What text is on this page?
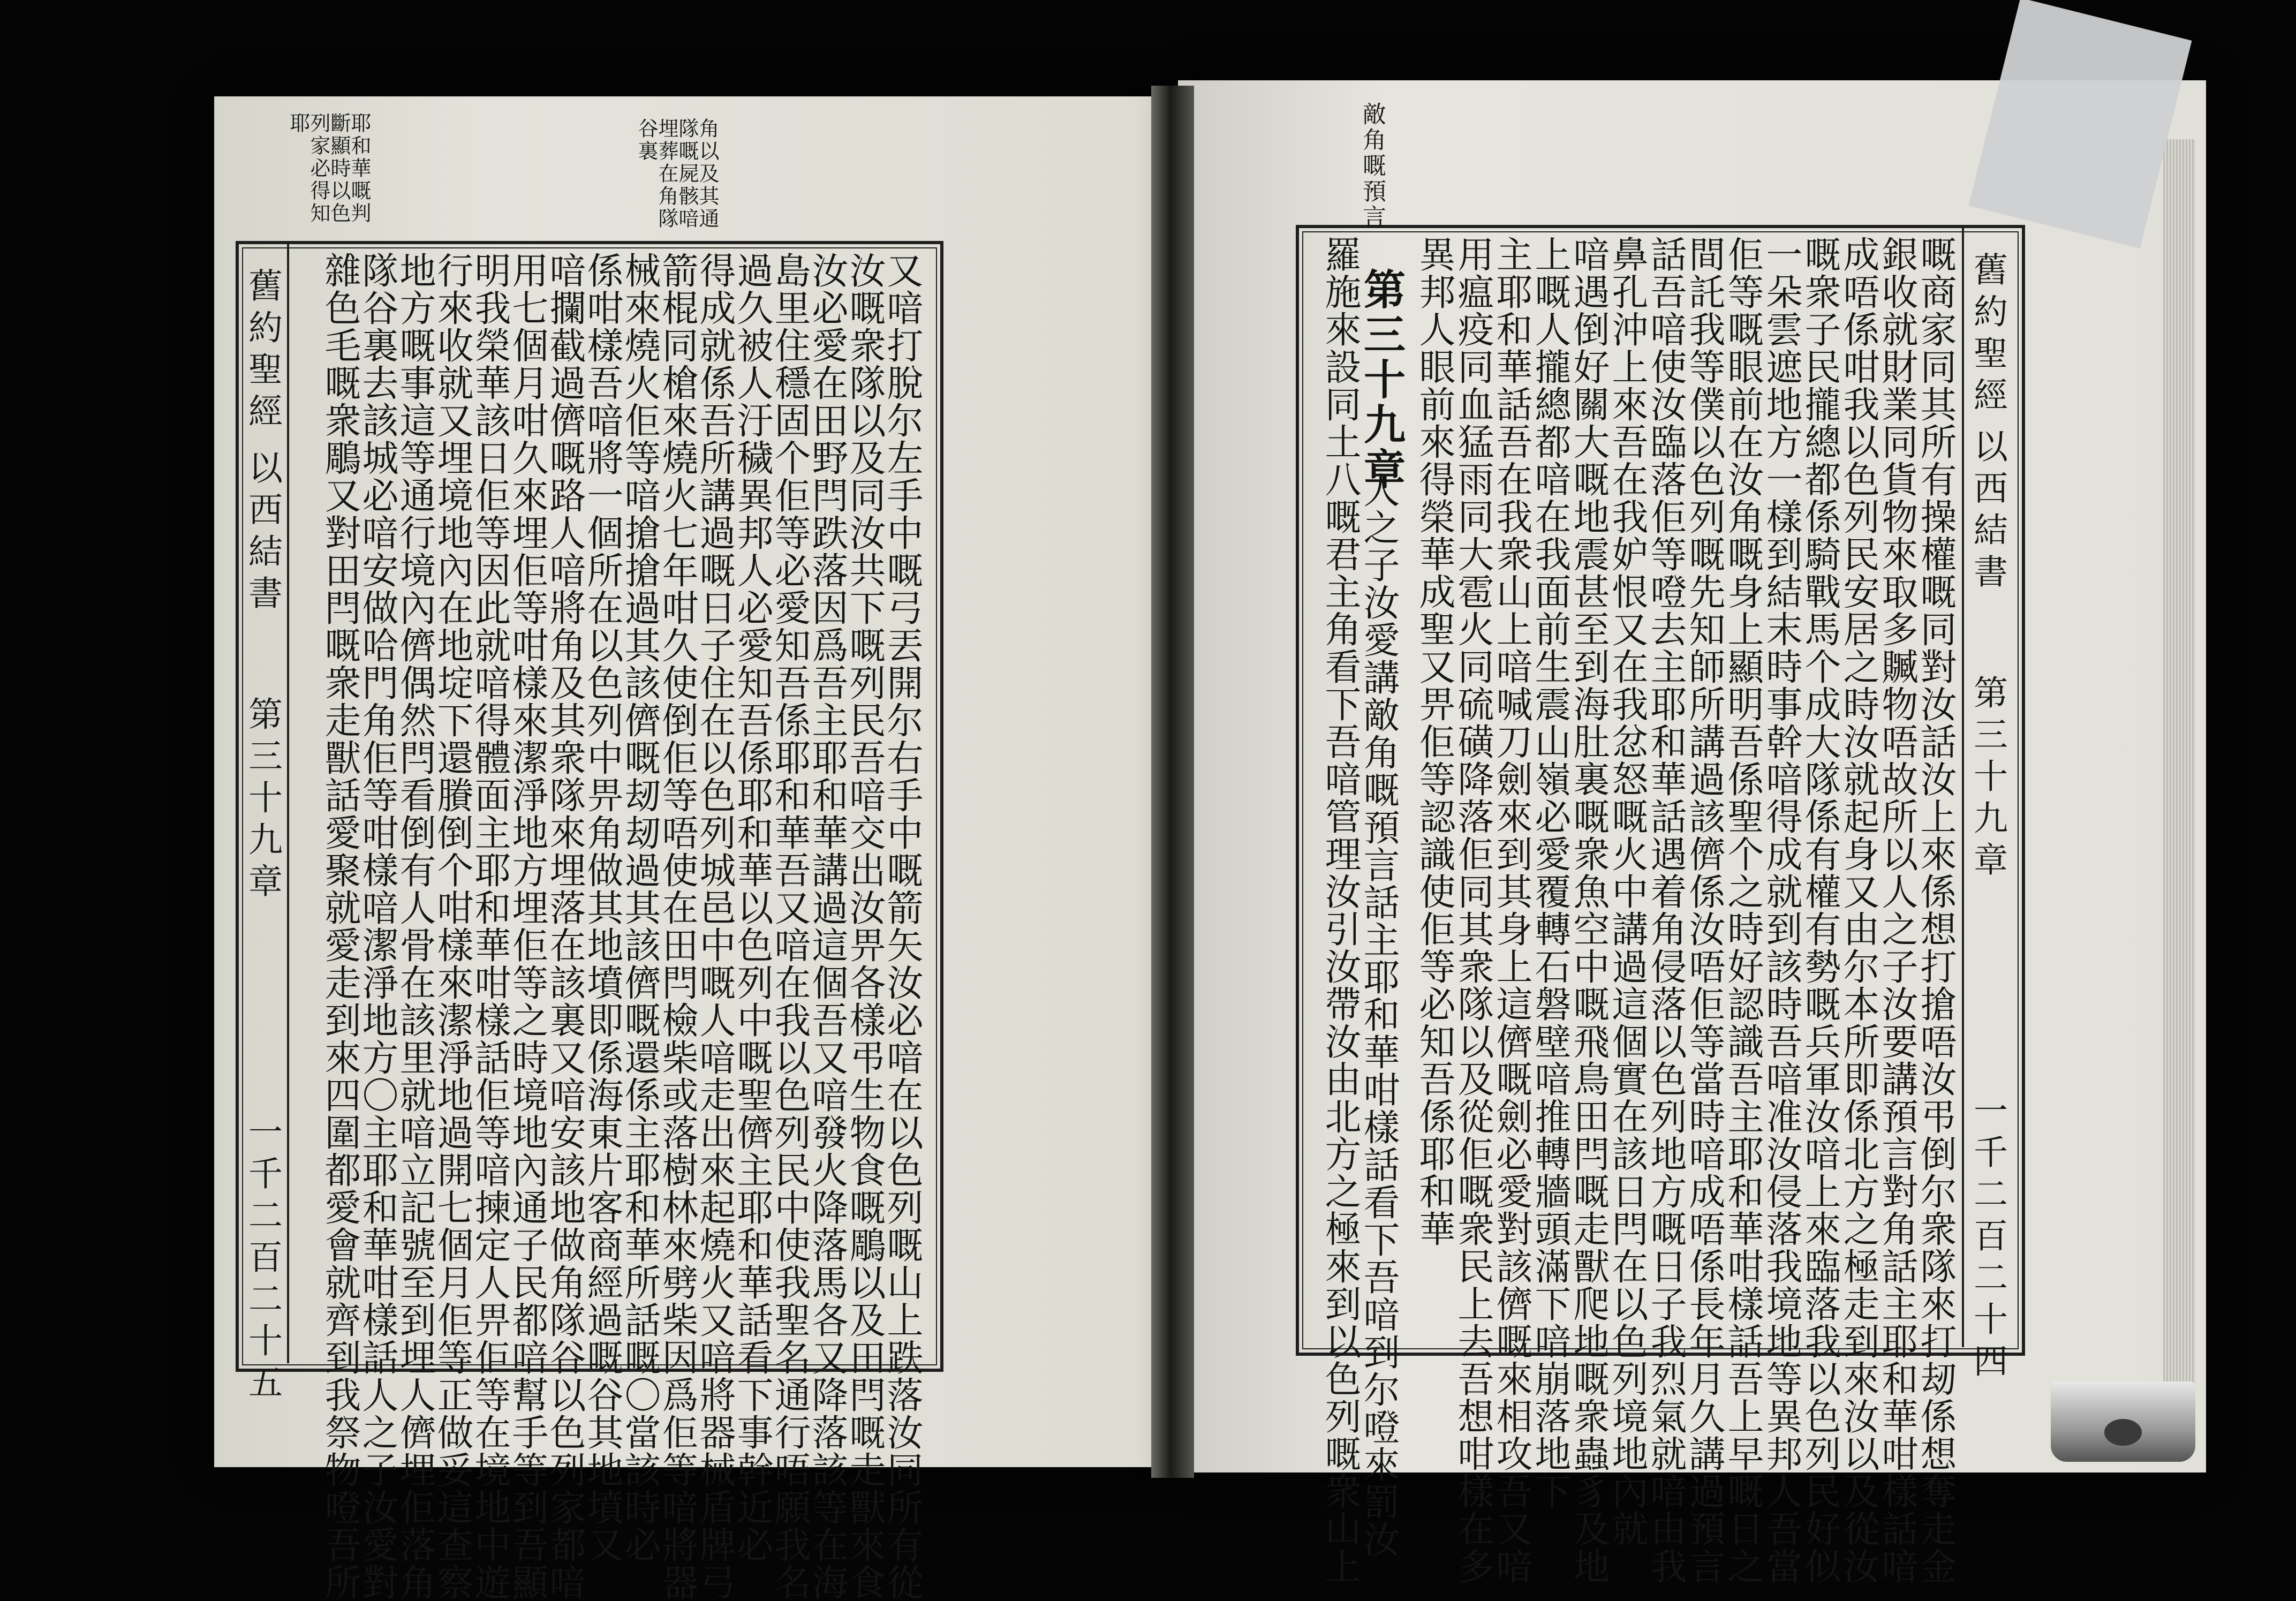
舊約聖經
以西結書
第三十九章
一千二百二十四
敵角嘅預言
嘅商家同其所有操權嘅同對汝話汝上來係想打搶唔汝弔倒尔衆隊來打刼係想奪走金
銀收就財業同貨物來取多贓物唔故所以人之子汝要講預言對角話主耶和華咁樣話喑
成唔係咁我以色列民安居之時汝就起身又由尔本所即係北方之極走到來汝以及從汝
嘅衆子民攏總都係騎戰馬个成大隊係有權有勢嘅兵軍汝喑上來臨落我以色列民好似
一朵雲遮地方一樣到結末時事幹喑得成就到該時吾喑准汝侵落我境地等異邦人吾當
佢等嘅眼前在汝角嘅身上顯明吾係聖个之時好認識吾主耶和華咁樣話吾上早嘅日之
間託我等僕以色列嘅先知師所講過該儕係汝唔佢等當時喑成唔係長年月久講過預言
話吾喑使汝臨落佢等噔去主耶和華話遇着角侵落以色列地方嘅日子我烈氣就喑由我
鼻孔沖上來吾在我妒恨又在我忿怒嘅火中講過這個實在該日閂在以色列境地內就
喑遇倒好關大嘅地震甚至到海肚裏嘅衆魚空中嘅飛鳥田閂嘅走獸爬地嘅衆蟲豸及地
上嘅人攏總都喑在我面前生震山嶺必愛覆轉石磐壁喑推轉牆頭滿下喑崩落地下
主耶和華話吾在我衆山上喑喊刀劍來到其身上這儕嘅劍必愛對該儕嘅來相攻吾又喑
用瘟疫同血猛雨同大雹火同硫磺降落佢同其衆隊以及從佢嘅衆民上去吾想咁樣在多
異邦人眼前來得榮華成聖又畀佢等認識使佢等必知吾係耶和華
人之子汝愛講敵角嘅預言話主耶和華咁樣話看下吾喑到尔噔來罰汝
羅施來設同土八嘅君主角看下吾喑管理汝引汝帶汝由北方之極來到以色列嘅衆山上
第三十九章
舊約聖經
以西結書
第三十九章
一千二百二十五
角以及其通隊嘅屍骸喑埋葬在角隊谷裏
耶和華嘅判斷顯時以色列家必得知耶
又喑打脫尔左手中嘅弓丟開尔右手中嘅箭矢汝必喑在以色列嘅山上跌落汝同所有從
汝嘅衆隊以及同汝共下嘅列民吾喑交出汝畀各樣弔生物食嘅鵰以及田閂嘅走獸來食
汝必愛在田野閂跌落因爲吾主耶和華講過這個吾又喑發火降落馬各又降落該等在海
島里住穩固个佢等必愛知吾係耶和華吾又喑在我以色列民中使我聖名通行唔願我名
過久被人汙穢異邦人必愛知吾係耶和華以色列中嘅聖儕主耶和華話看下事幹近必
得成就係吾所講過嘅日子住在以色列城邑中嘅人喑走出來起燒火又喑將器械盾牌弓
箭棍同槍來燒火七年咁久使倒佢等唔使在田閂檢柴或落樹林來劈柴因爲佢等喑將器
械來燒火佢等喑搶搶過其該儕嘅刼刼過其該儕嘅還係主耶和華所話嘅〇當該時必
係咁樣吾喑將一個所在以色列中畀角做其地墳即係海東片客商經過嘅谷其地墳又
喑攔截過儕嘅路人喑將角及其衆隊來埋落在該裏又喑安該地做角隊谷以色列家都喑
用七個月咁久來埋佢等咁樣來潔淨地方埋佢等之時境地內通子民都喑幫手等到吾顯
明我榮華該日佢等因此就喑得體面主耶和華咁樣話佢等喑揀定人畀佢等在境地中遊
行來收就又埋境地內在地埞下還賸倒个咁樣來潔淨地過開七個月佢等正做妥這查察
地方嘅事這等通行境內儕偶然閂看倒有人骨在該里就喑立記號至到埋人儕埋佢落角
隊谷裏去該城必喑安做哈門角佢等咁樣喑潔淨地方〇主耶和華咁樣話人之子汝愛對
雜色毛嘅衆鵰又對田閂嘅衆走獸話愛聚就愛走到來四圍都愛會就齊到我祭物噔吾所
